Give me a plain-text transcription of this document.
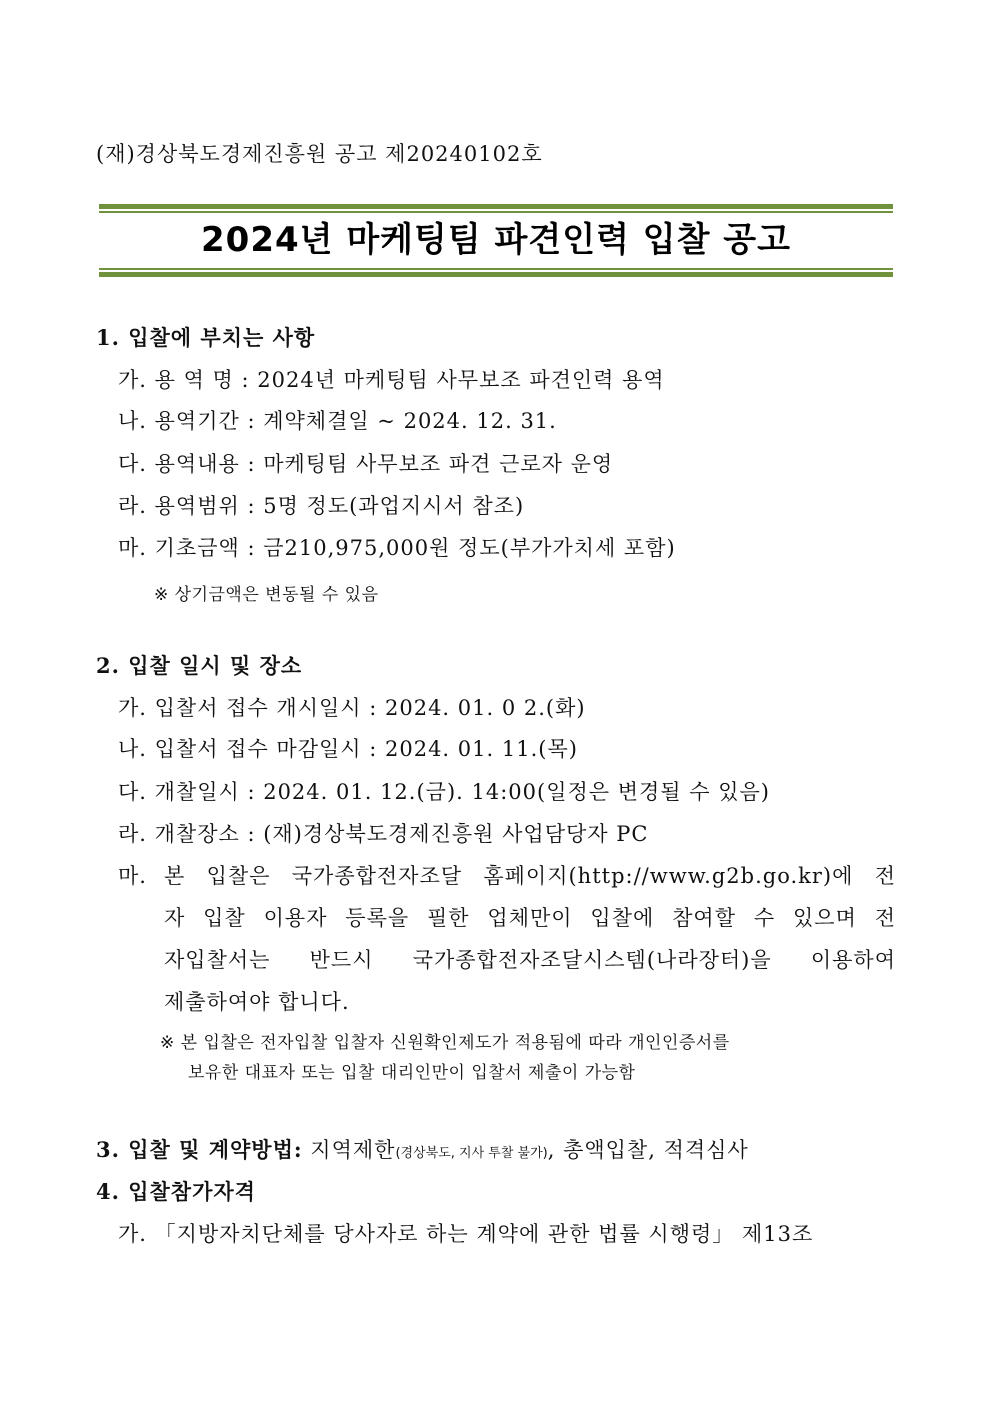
(재)경상북도경제진흥원 공고 제20240102호
2024년 마케팅팀 파견인력 입찰 공고
1. 입찰에 부치는 사항
가. 용 역 명 : 2024년 마케팅팀 사무보조 파견인력 용역
나. 용역기간 : 계약체결일 ~ 2024. 12. 31.
다. 용역내용 : 마케팅팀 사무보조 파견 근로자 운영
라. 용역범위 : 5명 정도(과업지시서 참조)
마. 기초금액 : 금210,975,000원 정도(부가가치세 포함)
※ 상기금액은 변동될 수 있음
2. 입찰 일시 및 장소
가. 입찰서 접수 개시일시 : 2024. 01. 0 2.(화)
나. 입찰서 접수 마감일시 : 2024. 01. 11.(목)
다. 개찰일시 : 2024. 01. 12.(금). 14:00(일정은 변경될 수 있음)
라. 개찰장소 : (재)경상북도경제진흥원 사업담당자 PC
마. 본 입찰은 국가종합전자조달 홈페이지(http://www.g2b.go.kr)에 전
자 입찰 이용자 등록을 필한 업체만이 입찰에 참여할 수 있으며 전
자입찰서는 반드시 국가종합전자조달시스템(나라장터)을 이용하여
제출하여야 합니다.
※ 본 입찰은 전자입찰 입찰자 신원확인제도가 적용됨에 따라 개인인증서를
보유한 대표자 또는 입찰 대리인만이 입찰서 제출이 가능함
3. 입찰 및 계약방법: 지역제한(경상북도, 지사 투찰 불가), 총액입찰, 적격심사
4. 입찰참가자격
가. 「지방자치단체를 당사자로 하는 계약에 관한 법률 시행령」 제13조
